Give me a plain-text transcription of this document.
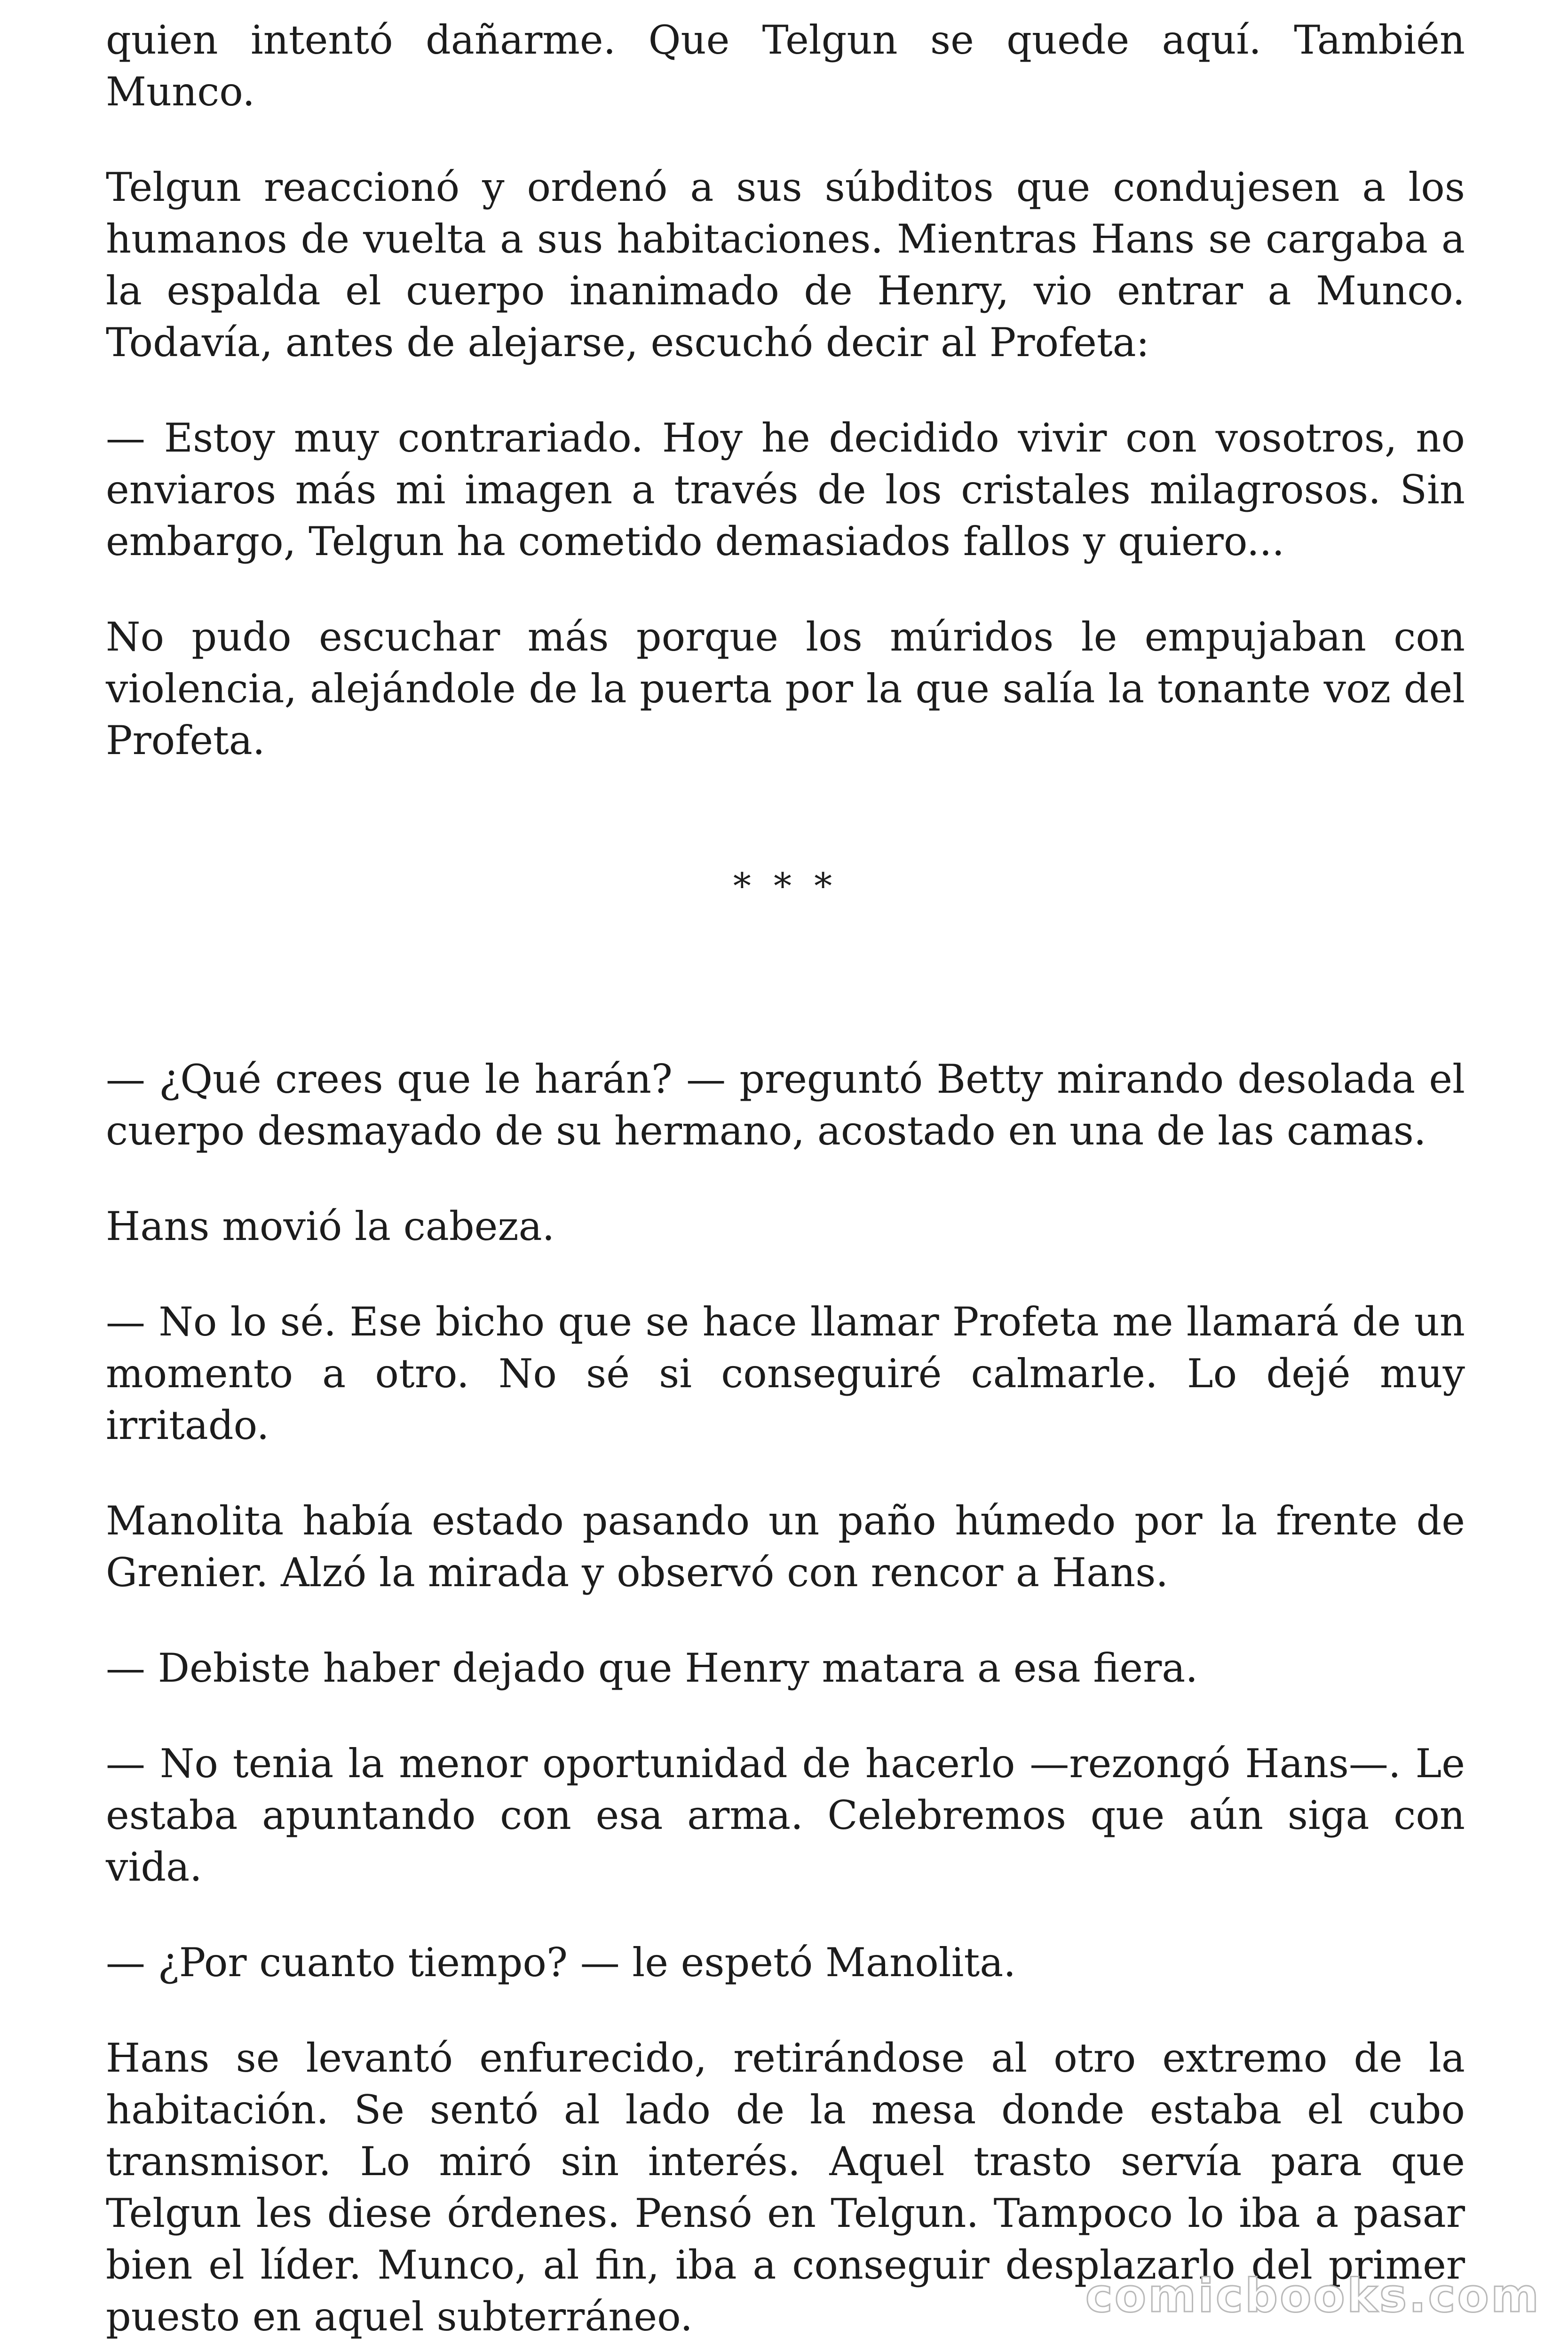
quien intentó dañarme. Que Telgun se quede aquí. También Munco.

Telgun reaccionó y ordenó a sus súbditos que condujesen a los humanos de vuelta a sus habitaciones. Mientras Hans se cargaba a la espalda el cuerpo inanimado de Henry, vio entrar a Munco. Todavía, antes de alejarse, escuchó decir al Profeta:

— Estoy muy contrariado. Hoy he decidido vivir con vosotros, no enviaros más mi imagen a través de los cristales milagrosos. Sin embargo, Telgun ha cometido demasiados fallos y quiero...

No pudo escuchar más porque los múridos le empujaban con violencia, alejándole de la puerta por la que salía la tonante voz del Profeta.

* * *

— ¿Qué crees que le harán? — preguntó Betty mirando desolada el cuerpo desmayado de su hermano, acostado en una de las camas.

Hans movió la cabeza.

— No lo sé. Ese bicho que se hace llamar Profeta me llamará de un momento a otro. No sé si conseguiré calmarle. Lo dejé muy irritado.

Manolita había estado pasando un paño húmedo por la frente de Grenier. Alzó la mirada y observó con rencor a Hans.

— Debiste haber dejado que Henry matara a esa fiera.

— No tenia la menor oportunidad de hacerlo —rezongó Hans—. Le estaba apuntando con esa arma. Celebremos que aún siga con vida.

— ¿Por cuanto tiempo? — le espetó Manolita.

Hans se levantó enfurecido, retirándose al otro extremo de la habitación. Se sentó al lado de la mesa donde estaba el cubo transmisor. Lo miró sin interés. Aquel trasto servía para que Telgun les diese órdenes. Pensó en Telgun. Tampoco lo iba a pasar bien el líder. Munco, al fin, iba a conseguir desplazarlo del primer puesto en aquel subterráneo.	comicbooks.com
